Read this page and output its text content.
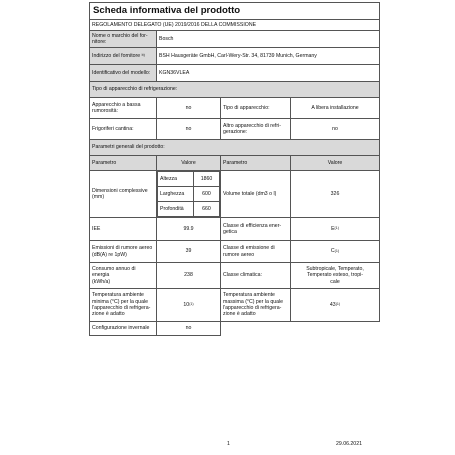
Scheda informativa del prodotto
REGOLAMENTO DELEGATO (UE) 2019/2016 DELLA COMMISSIONE
Nome o marchio del for-
nitore:	Bosch
Indirizzo del fornitore $^{b)}$	BSH Hausgeräte GmbH, Carl-Wery-Str. 34, 81739 Munich, Germany
Identificativo del modello:	KGN36VLEA
Tipo di apparecchio di refrigerazione:
Apparecchio a bassa
rumorosità:	no	Tipo di apparecchio:	A libera installazione
Frigoriferi cantina:	no	Altro apparecchio di refri-
gerazione:	no
Parametri generali del prodotto:
Parametro	Valore	Parametro	Valore
Dimensioni complessive
(mm)	
Altezza	1860
Larghezza	600
Profondità	660
	Volume totale (dm3 o l)	326
IEE	99.9	Classe di efficienza ener-
getica	$E^{(1)}$
Emissioni di rumore aereo
(dB(A) re 1pW)	39	Classe di emissione di
rumore aereo	$C^{(1)}$
Consumo annuo di energia
(kWh/a)	238	Classe climatica:	Subtropicale, Temperato,
Temperato esteso, tropi-
cale
Temperatura ambiente
minima (°C) per la quale
l'apparecchio di refrigera-
zione è adatto	10$^{(1)}$	Temperatura ambiente
massima (°C) per la quale
l'apparecchio di refrigera-
zione è adatto	43$^{(1)}$
Configurazione invernale	no		
1	29.06.2021
